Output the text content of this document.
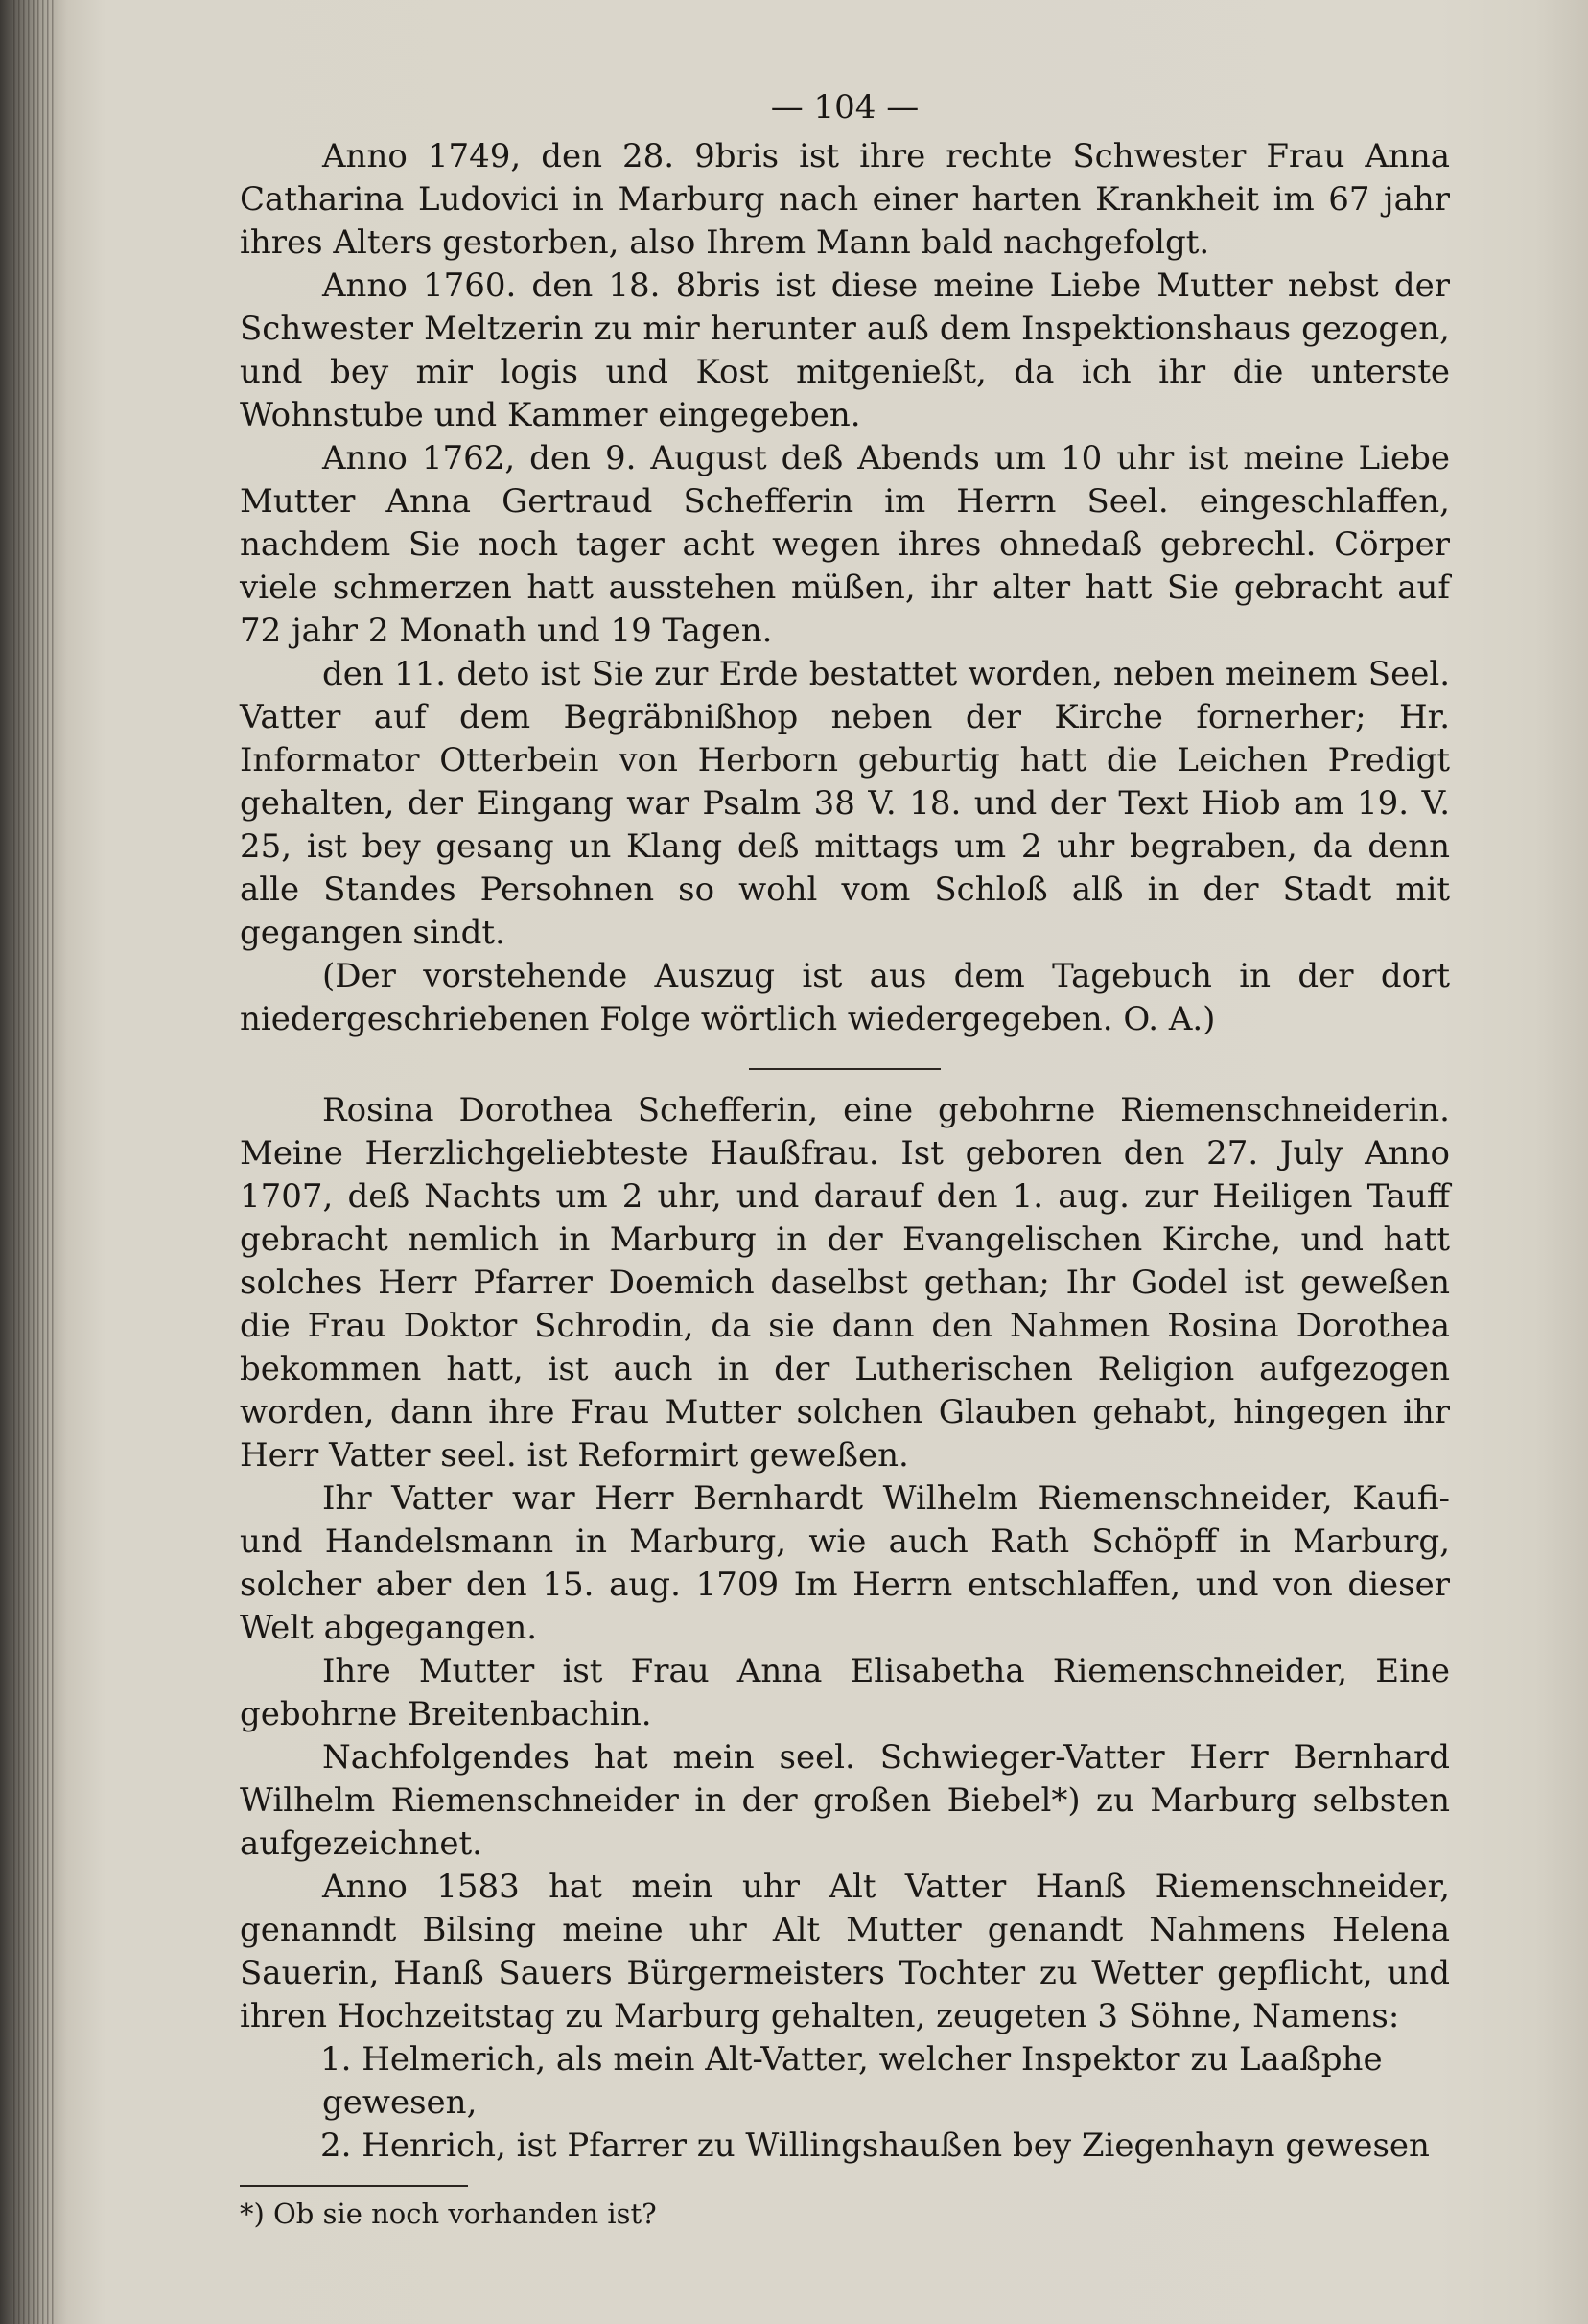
— 104 —

Anno 1749, den 28. 9bris ist ihre rechte Schwester Frau Anna Catharina Ludovici in Marburg nach einer harten Krankheit im 67 jahr ihres Alters gestorben, also Ihrem Mann bald nachgefolgt.

Anno 1760. den 18. 8bris ist diese meine Liebe Mutter nebst der Schwester Meltzerin zu mir herunter auß dem Inspektionshaus gezogen, und bey mir logis und Kost mitgenießt, da ich ihr die unterste Wohnstube und Kammer eingegeben.

Anno 1762, den 9. August deß Abends um 10 uhr ist meine Liebe Mutter Anna Gertraud Schefferin im Herrn Seel. eingeschlaffen, nachdem Sie noch tager acht wegen ihres ohnedaß gebrechl. Cörper viele schmerzen hatt ausstehen müßen, ihr alter hatt Sie gebracht auf 72 jahr 2 Monath und 19 Tagen.

den 11. deto ist Sie zur Erde bestattet worden, neben meinem Seel. Vatter auf dem Begräbnißhop neben der Kirche fornerher; Hr. Informator Otterbein von Herborn geburtig hatt die Leichen Predigt gehalten, der Eingang war Psalm 38 V. 18. und der Text Hiob am 19. V. 25, ist bey gesang un Klang deß mittags um 2 uhr begraben, da denn alle Standes Persohnen so wohl vom Schloß alß in der Stadt mit gegangen sindt.

(Der vorstehende Auszug ist aus dem Tagebuch in der dort niedergeschriebenen Folge wörtlich wiedergegeben. O. A.)

Rosina Dorothea Schefferin, eine gebohrne Riemenschneiderin. Meine Herzlichgeliebteste Haußfrau. Ist geboren den 27. July Anno 1707, deß Nachts um 2 uhr, und darauf den 1. aug. zur Heiligen Tauff gebracht nemlich in Marburg in der Evangelischen Kirche, und hatt solches Herr Pfarrer Doemich daselbst gethan; Ihr Godel ist geweßen die Frau Doktor Schrodin, da sie dann den Nahmen Rosina Dorothea bekommen hatt, ist auch in der Lutherischen Religion aufgezogen worden, dann ihre Frau Mutter solchen Glauben gehabt, hingegen ihr Herr Vatter seel. ist Reformirt geweßen.

Ihr Vatter war Herr Bernhardt Wilhelm Riemenschneider, Kaufi- und Handelsmann in Marburg, wie auch Rath Schöpff in Marburg, solcher aber den 15. aug. 1709 Im Herrn entschlaffen, und von dieser Welt abgegangen.

Ihre Mutter ist Frau Anna Elisabetha Riemenschneider, Eine gebohrne Breitenbachin.

Nachfolgendes hat mein seel. Schwieger-Vatter Herr Bernhard Wilhelm Riemenschneider in der großen Biebel*) zu Marburg selbsten aufgezeichnet.

Anno 1583 hat mein uhr Alt Vatter Hanß Riemenschneider, genanndt Bilsing meine uhr Alt Mutter genandt Nahmens Helena Sauerin, Hanß Sauers Bürgermeisters Tochter zu Wetter gepflicht, und ihren Hochzeitstag zu Marburg gehalten, zeugeten 3 Söhne, Namens:

1. Helmerich, als mein Alt-Vatter, welcher Inspektor zu Laaßphe gewesen,
2. Henrich, ist Pfarrer zu Willingshaußen bey Ziegenhayn gewesen

*) Ob sie noch vorhanden ist?
